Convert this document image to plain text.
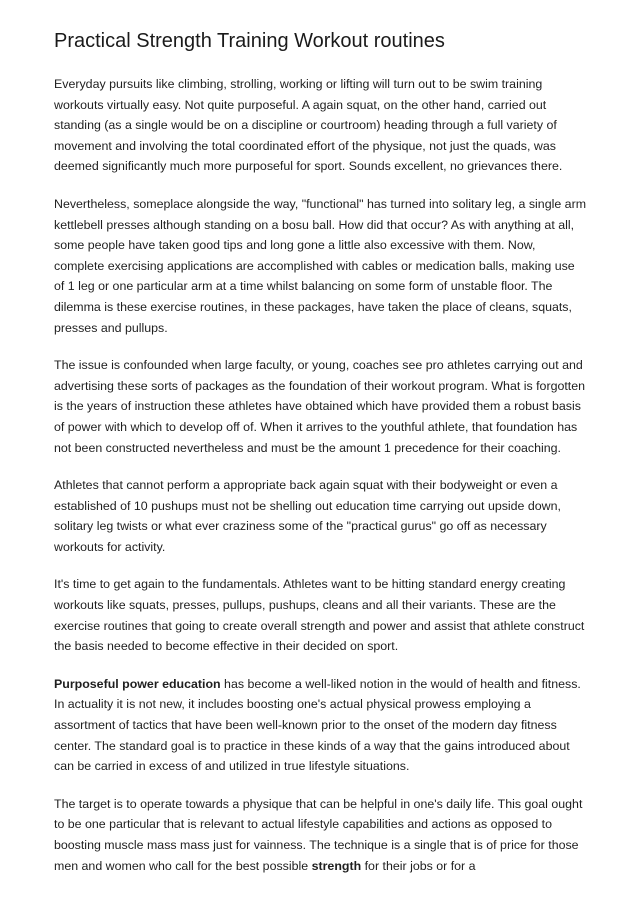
Practical Strength Training Workout routines

Everyday pursuits like climbing, strolling, working or lifting will turn out to be swim training workouts virtually easy. Not quite purposeful. A again squat, on the other hand, carried out standing (as a single would be on a discipline or courtroom) heading through a full variety of movement and involving the total coordinated effort of the physique, not just the quads, was deemed significantly much more purposeful for sport. Sounds excellent, no grievances there.

Nevertheless, someplace alongside the way, "functional" has turned into solitary leg, a single arm kettlebell presses although standing on a bosu ball. How did that occur? As with anything at all, some people have taken good tips and long gone a little also excessive with them. Now, complete exercising applications are accomplished with cables or medication balls, making use of 1 leg or one particular arm at a time whilst balancing on some form of unstable floor. The dilemma is these exercise routines, in these packages, have taken the place of cleans, squats, presses and pullups.

The issue is confounded when large faculty, or young, coaches see pro athletes carrying out and advertising these sorts of packages as the foundation of their workout program. What is forgotten is the years of instruction these athletes have obtained which have provided them a robust basis of power with which to develop off of. When it arrives to the youthful athlete, that foundation has not been constructed nevertheless and must be the amount 1 precedence for their coaching.

Athletes that cannot perform a appropriate back again squat with their bodyweight or even a established of 10 pushups must not be shelling out education time carrying out upside down, solitary leg twists or what ever craziness some of the "practical gurus" go off as necessary workouts for activity.

It's time to get again to the fundamentals. Athletes want to be hitting standard energy creating workouts like squats, presses, pullups, pushups, cleans and all their variants. These are the exercise routines that going to create overall strength and power and assist that athlete construct the basis needed to become effective in their decided on sport.

Purposeful power education has become a well-liked notion in the would of health and fitness. In actuality it is not new, it includes boosting one's actual physical prowess employing a assortment of tactics that have been well-known prior to the onset of the modern day fitness center. The standard goal is to practice in these kinds of a way that the gains introduced about can be carried in excess of and utilized in true lifestyle situations.

The target is to operate towards a physique that can be helpful in one's daily life. This goal ought to be one particular that is relevant to actual lifestyle capabilities and actions as opposed to boosting muscle mass mass just for vainness. The technique is a single that is of price for those men and women who call for the best possible strength for their jobs or for a
